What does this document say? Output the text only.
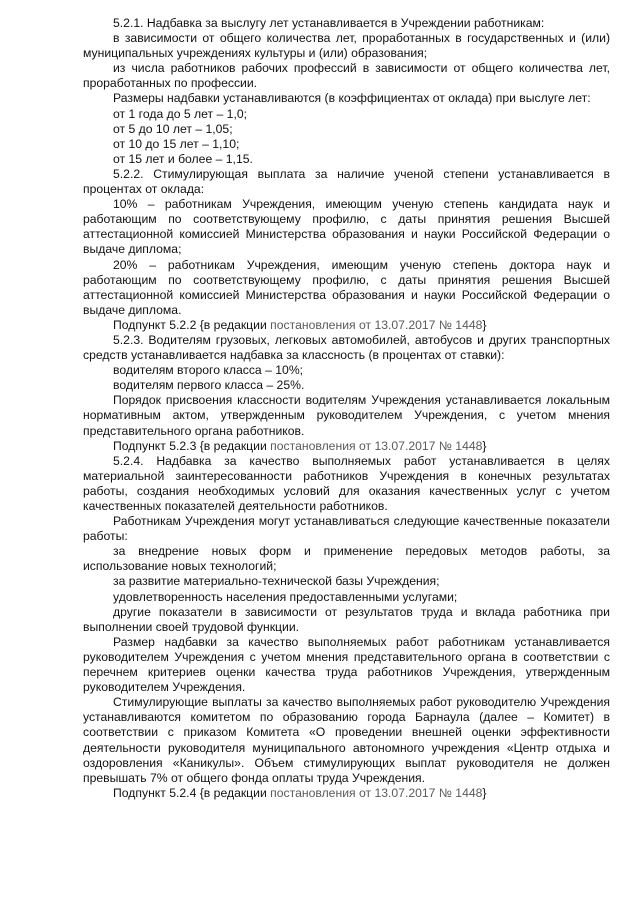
5.2.1. Надбавка за выслугу лет устанавливается в Учреждении работникам:

в зависимости от общего количества лет, проработанных в государственных и (или) муниципальных учреждениях культуры и (или) образования;

из числа работников рабочих профессий в зависимости от общего количества лет, проработанных по профессии.

Размеры надбавки устанавливаются (в коэффициентах от оклада) при выслуге лет:

от 1 года до 5 лет – 1,0;

от 5 до 10 лет – 1,05;

от 10 до 15 лет – 1,10;

от 15 лет и более – 1,15.

5.2.2. Стимулирующая выплата за наличие ученой степени устанавливается в процентах от оклада:

10% – работникам Учреждения, имеющим ученую степень кандидата наук и работающим по соответствующему профилю, с даты принятия решения Высшей аттестационной комиссией Министерства образования и науки Российской Федерации о выдаче диплома;

20% – работникам Учреждения, имеющим ученую степень доктора наук и работающим по соответствующему профилю, с даты принятия решения Высшей аттестационной комиссией Министерства образования и науки Российской Федерации о выдаче диплома.

Подпункт 5.2.2 {в редакции постановления от 13.07.2017 № 1448}

5.2.3. Водителям грузовых, легковых автомобилей, автобусов и других транспортных средств устанавливается надбавка за классность (в процентах от ставки):

водителям второго класса – 10%;

водителям первого класса – 25%.

Порядок присвоения классности водителям Учреждения устанавливается локальным нормативным актом, утвержденным руководителем Учреждения, с учетом мнения представительного органа работников.

Подпункт 5.2.3 {в редакции постановления от 13.07.2017 № 1448}

5.2.4. Надбавка за качество выполняемых работ устанавливается в целях материальной заинтересованности работников Учреждения в конечных результатах работы, создания необходимых условий для оказания качественных услуг с учетом качественных показателей деятельности работников.

Работникам Учреждения могут устанавливаться следующие качественные показатели работы:

за внедрение новых форм и применение передовых методов работы, за использование новых технологий;

за развитие материально-технической базы Учреждения;

удовлетворенность населения предоставленными услугами;

другие показатели в зависимости от результатов труда и вклада работника при выполнении своей трудовой функции.

Размер надбавки за качество выполняемых работ работникам устанавливается руководителем Учреждения с учетом мнения представительного органа в соответствии с перечнем критериев оценки качества труда работников Учреждения, утвержденным руководителем Учреждения.

Стимулирующие выплаты за качество выполняемых работ руководителю Учреждения устанавливаются комитетом по образованию города Барнаула (далее – Комитет) в соответствии с приказом Комитета «О проведении внешней оценки эффективности деятельности руководителя муниципального автономного учреждения «Центр отдыха и оздоровления «Каникулы». Объем стимулирующих выплат руководителя не должен превышать 7% от общего фонда оплаты труда Учреждения.

Подпункт 5.2.4 {в редакции постановления от 13.07.2017 № 1448}
